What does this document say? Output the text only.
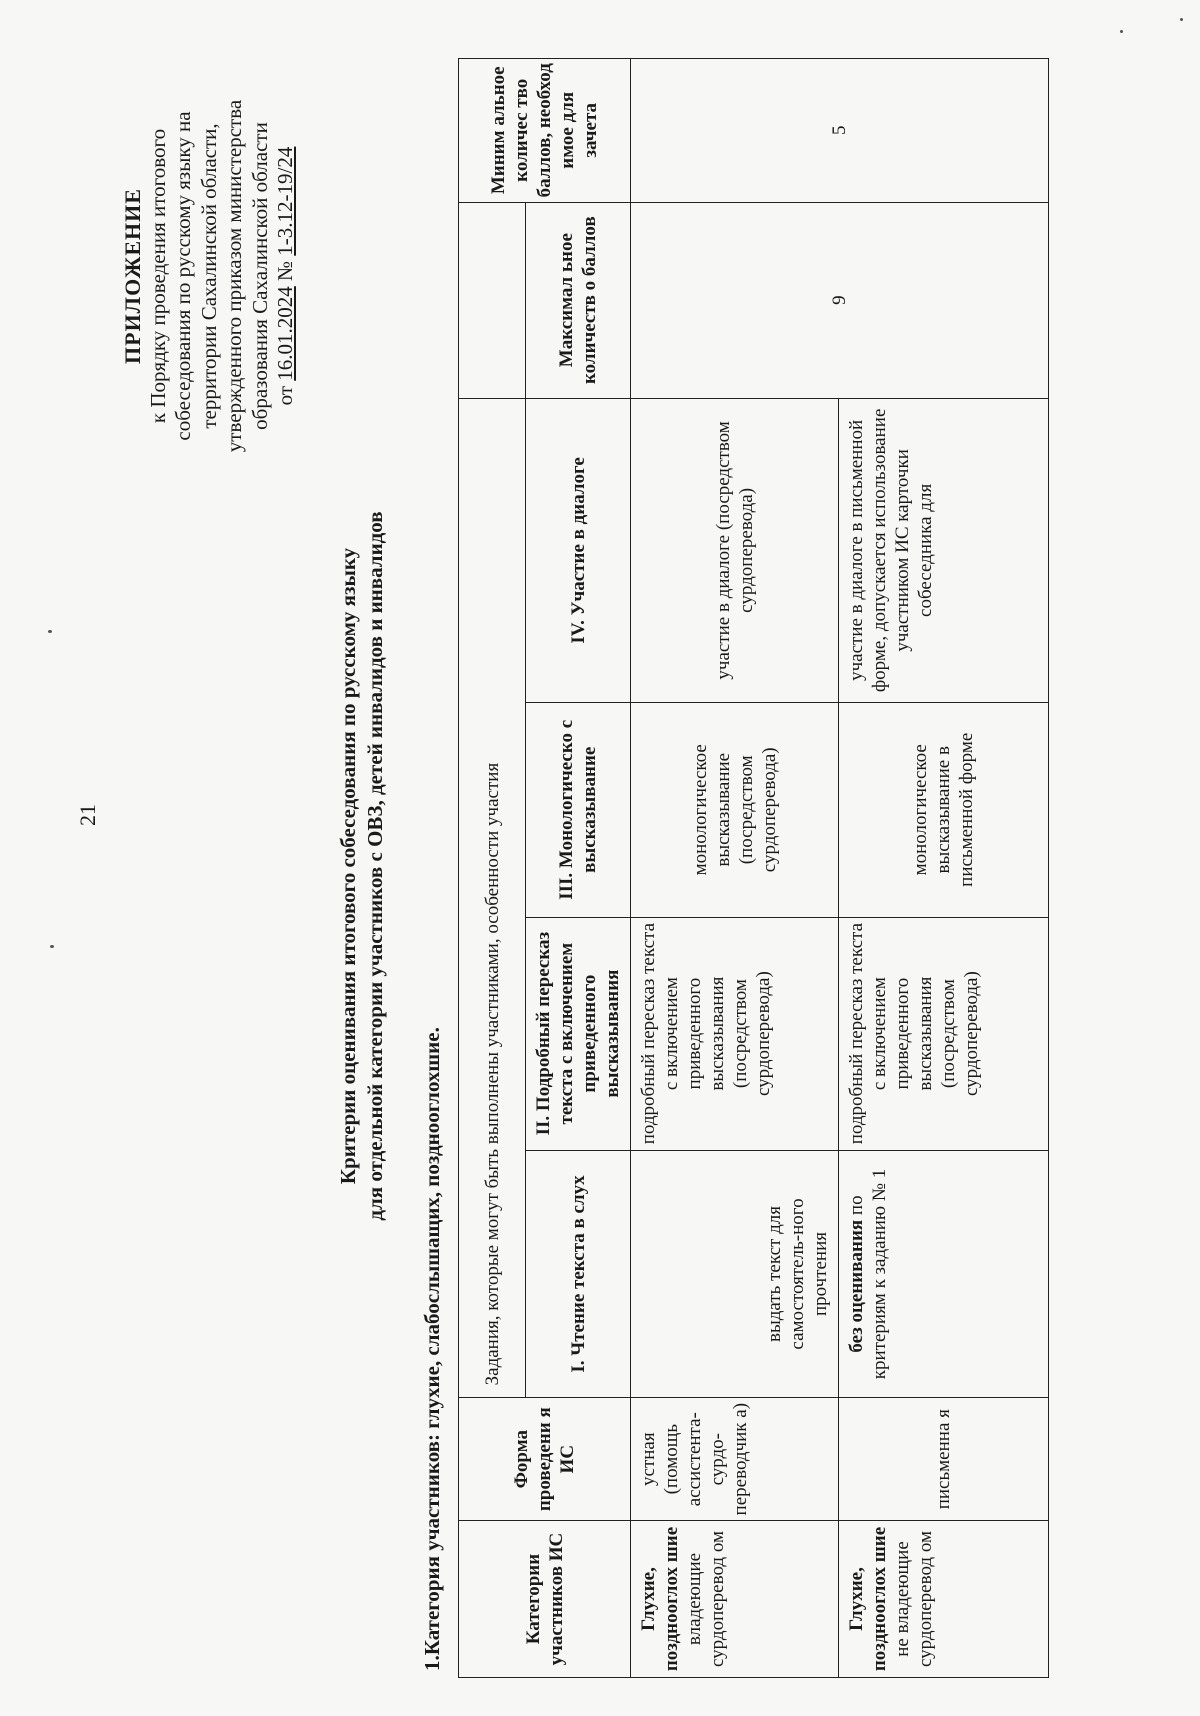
21
ПРИЛОЖЕНИЕ к Порядку проведения итогового собеседования по русскому языку на территории Сахалинской области, утвержденного приказом министерства образования Сахалинской области от 16.01.2024 № 1-3.12-19/24
Критерии оценивания итогового собеседования по русскому языку для отдельной категории участников с ОВЗ, детей инвалидов и инвалидов
1.Категория участников: глухие, слабослышащих, позднооглохшие.	Категории участников ИС	Форма проведени я ИС	Задания, которые могут быть выполнены участниками, особенности участия					Миним альное количес тво баллов, необход имое для зачета
		I. Чтение текста в слух	II. Подробный пересказ текста с включением приведенного высказывания	III. Монологическо с высказывание	IV. Участие в диалоге	Максимал ьное количеств о баллов	
Глухие, позднооглох шие владеющие сурдоперевод ом	устная (помощь ассистента-сурдо-переводчик а)	выдать текст для самостоятель-ного прочтения	подробный пересказ текста с включением приведенного высказывания (посредством сурдоперевода)	монологическое высказывание (посредством сурдоперевода)	участие в диалоге (посредством сурдоперевода)	9	5
Глухие, позднооглох шие не владеющие сурдоперевод ом	письменна я	без оценивания по критериям к заданию № 1	подробный пересказ текста с включением приведенного высказывания (посредством сурдоперевода)	монологическое высказывание в письменной форме	участие в диалоге в письменной форме, допускается использование участником ИС карточки собеседника для		
